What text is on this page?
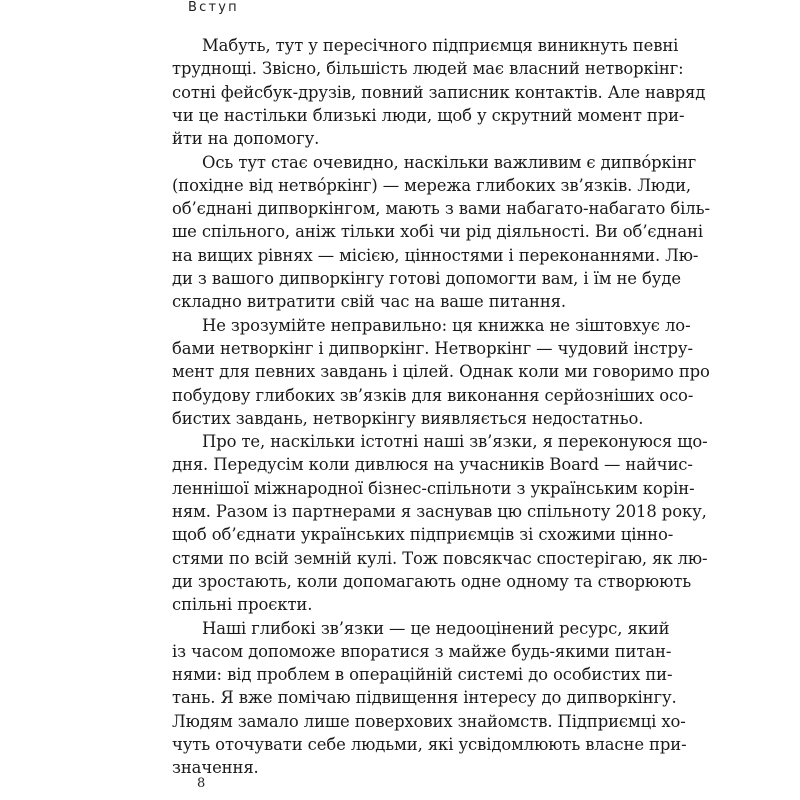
Вступ
Мабуть, тут у пересічного підприємця виникнуть певні
труднощі. Звісно, більшість людей має власний нетворкінг:
сотні фейсбук-друзів, повний записник контактів. Але навряд
чи це настільки близькі люди, щоб у скрутний момент при-
йти на допомогу.
Ось тут стає очевидно, наскільки важливим є дипвóркінг
(похідне від нетвóркінг) — мережа глибоких зв’язків. Люди,
об’єднані дипворкінгом, мають з вами набагато-набагато біль-
ше спільного, аніж тільки хобі чи рід діяльності. Ви об’єднані
на вищих рівнях — місією, цінностями і переконаннями. Лю-
ди з вашого дипворкінгу готові допомогти вам, і їм не буде
складно витратити свій час на ваше питання.
Не зрозумійте неправильно: ця книжка не зіштовхує ло-
бами нетворкінг і дипворкінг. Нетворкінг — чудовий інстру-
мент для певних завдань і цілей. Однак коли ми говоримо про
побудову глибоких зв’язків для виконання серйозніших осо-
бистих завдань, нетворкінгу виявляється недостатньо.
Про те, наскільки істотні наші зв’язки, я переконуюся що-
дня. Передусім коли дивлюся на учасників Board — найчис-
леннішої міжнародної бізнес-спільноти з українським корін-
ням. Разом із партнерами я заснував цю спільноту 2018 року,
щоб об’єднати українських підприємців зі схожими ціннo-
стями по всій земній кулі. Тож повсякчас спостерігаю, як лю-
ди зростають, коли допомагають одне одному та створюють
спільні проєкти.
Наші глибокі зв’язки — це недооцінений ресурс, який
із часом допоможе впоратися з майже будь-якими питан-
нями: від проблем в операційній системі до особистих пи-
тань. Я вже помічаю підвищення інтересу до дипворкінгу.
Людям замало лише поверхових знайомств. Підприємці хо-
чуть оточувати себе людьми, які усвідомлюють власне при-
значення.
8
